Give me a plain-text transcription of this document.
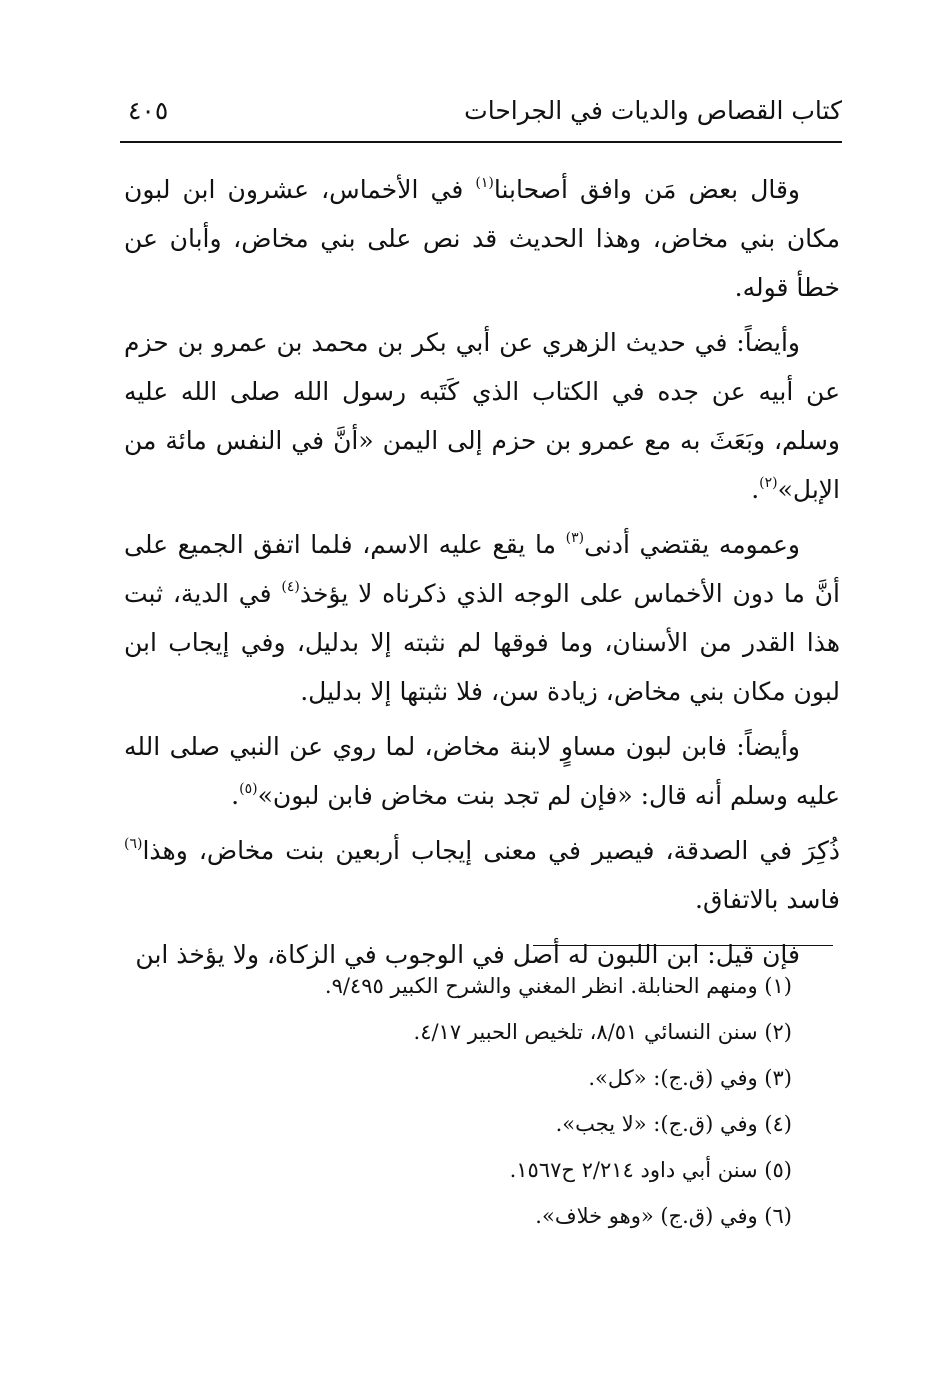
كتاب القصاص والديات في الجراحات
٤٠٥

وقال بعض مَن وافق أصحابنا$^{(١)}$ في الأخماس، عشرون ابن لبون مكان بني مخاض، وهذا الحديث قد نص على بني مخاض، وأبان عن خطأ قوله.

وأيضاً: في حديث الزهري عن أبي بكر بن محمد بن عمرو بن حزم عن أبيه عن جده في الكتاب الذي كَتَبه رسول الله صلى الله عليه وسلم، وبَعَثَ به مع عمرو بن حزم إلى اليمن «أنَّ في النفس مائة من الإبل»$^{(٢)}$.

وعمومه يقتضي أدنى$^{(٣)}$ ما يقع عليه الاسم، فلما اتفق الجميع على أنَّ ما دون الأخماس على الوجه الذي ذكرناه لا يؤخذ$^{(٤)}$ في الدية، ثبت هذا القدر من الأسنان، وما فوقها لم نثبته إلا بدليل، وفي إيجاب ابن لبون مكان بني مخاض، زيادة سن، فلا نثبتها إلا بدليل.

وأيضاً: فابن لبون مساوٍ لابنة مخاض، لما روي عن النبي صلى الله عليه وسلم أنه قال: «فإن لم تجد بنت مخاض فابن لبون»$^{(٥)}$.

ذُكِرَ في الصدقة، فيصير في معنى إيجاب أربعين بنت مخاض، وهذا$^{(٦)}$ فاسد بالاتفاق.

فإن قيل: ابن اللبون له أصل في الوجوب في الزكاة، ولا يؤخذ ابن

(١) ومنهم الحنابلة. انظر المغني والشرح الكبير ٩/٤٩٥.
(٢) سنن النسائي ٨/٥١، تلخيص الحبير ٤/١٧.
(٣) وفي (ق.ج): «كل».
(٤) وفي (ق.ج): «لا يجب».
(٥) سنن أبي داود ٢/٢١٤ ح١٥٦٧.
(٦) وفي (ق.ج) «وهو خلاف».
